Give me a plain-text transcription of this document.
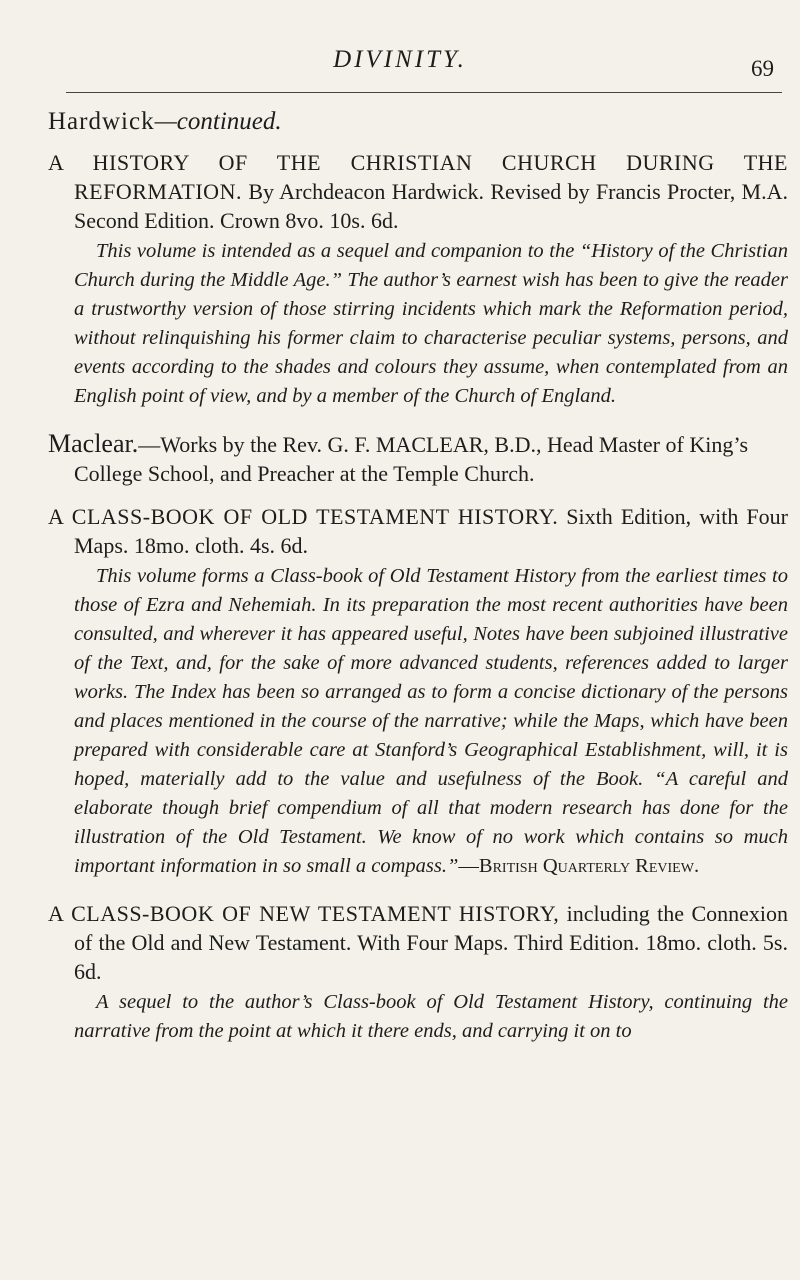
DIVINITY.	69
Hardwick—continued.

A HISTORY OF THE CHRISTIAN CHURCH DURING THE REFORMATION. By Archdeacon Hardwick. Revised by Francis Procter, M.A. Second Edition. Crown 8vo. 10s. 6d.

This volume is intended as a sequel and companion to the “History of the Christian Church during the Middle Age.” The author’s earnest wish has been to give the reader a trustworthy version of those stirring incidents which mark the Reformation period, without relinquishing his former claim to characterise peculiar systems, persons, and events according to the shades and colours they assume, when contemplated from an English point of view, and by a member of the Church of England.

Maclear.—Works by the Rev. G. F. MACLEAR, B.D., Head Master of King’s College School, and Preacher at the Temple Church.

A CLASS-BOOK OF OLD TESTAMENT HISTORY. Sixth Edition, with Four Maps. 18mo. cloth. 4s. 6d.

This volume forms a Class-book of Old Testament History from the earliest times to those of Ezra and Nehemiah. In its preparation the most recent authorities have been consulted, and wherever it has appeared useful, Notes have been subjoined illustrative of the Text, and, for the sake of more advanced students, references added to larger works. The Index has been so arranged as to form a concise dictionary of the persons and places mentioned in the course of the narrative; while the Maps, which have been prepared with considerable care at Stanford’s Geographical Establishment, will, it is hoped, materially add to the value and usefulness of the Book. “A careful and elaborate though brief compendium of all that modern research has done for the illustration of the Old Testament. We know of no work which contains so much important information in so small a compass.”—British Quarterly Review.

A CLASS-BOOK OF NEW TESTAMENT HISTORY, including the Connexion of the Old and New Testament. With Four Maps. Third Edition. 18mo. cloth. 5s. 6d.

A sequel to the author’s Class-book of Old Testament History, continuing the narrative from the point at which it there ends, and carrying it on to
